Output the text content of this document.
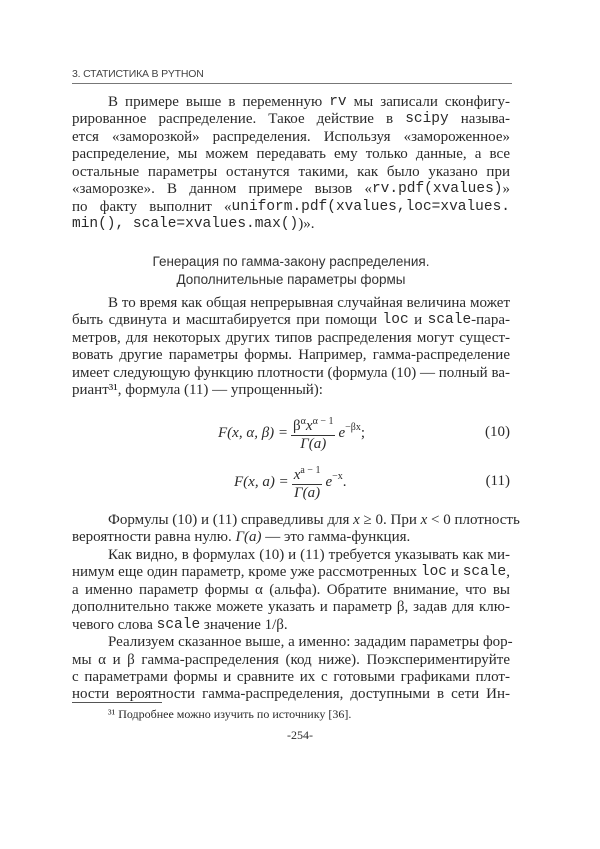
3. СТАТИСТИКА В PYTHON
В примере выше в переменную rv мы записали сконфигу-
рированное распределение. Такое действие в scipy называ-
ется «заморозкой» распределения. Используя «замороженное»
распределение, мы можем передавать ему только данные, а все
остальные параметры останутся такими, как было указано при
«заморозке». В данном примере вызов « rv.pdf(xvalues) »
по факту выполнит « uniform.pdf(xvalues,loc=xvalues.
min(), scale=xvalues.max() )».
Генерация по гамма-закону распределения.
Дополнительные параметры формы
В то время как общая непрерывная случайная величина может
быть сдвинута и масштабируется при помощи loc и scale -пара-
метров, для некоторых других типов распределения могут сущест-
вовать другие параметры формы. Например, гамма-распределение
имеет следующую функцию плотности (формула (10) — полный ва-
риант³¹, формула (11) — упрощенный):
F(x, α, $\beta) = \frac{\beta^\alpha x^{\alpha - 1}}{\Gamma(a)} e^{-\beta x}$ ;	(10)
F(x, $a) = \frac{x^{a - 1}}{\Gamma(a)} e^{-x}$ .	(11)
Формулы (10) и (11) справедливы для x ≥ 0. При x < 0 плотность
вероятности равна нулю. Γ(a) — это гамма-функция.
Как видно, в формулах (10) и (11) требуется указывать как ми-
нимум еще один параметр, кроме уже рассмотренных loc и scale ,
а именно параметр формы α (альфа). Обратите внимание, что вы
дополнительно также можете указать и параметр β, задав для клю-
чевого слова scale значение 1/β.
Реализуем сказанное выше, а именно: зададим параметры фор-
мы α и β гамма-распределения (код ниже). Поэкспериментируйте
с параметрами формы и сравните их с готовыми графиками плот-
ности вероятности гамма-распределения, доступными в сети Ин-
³¹ Подробнее можно изучить по источнику [36].
-254-
